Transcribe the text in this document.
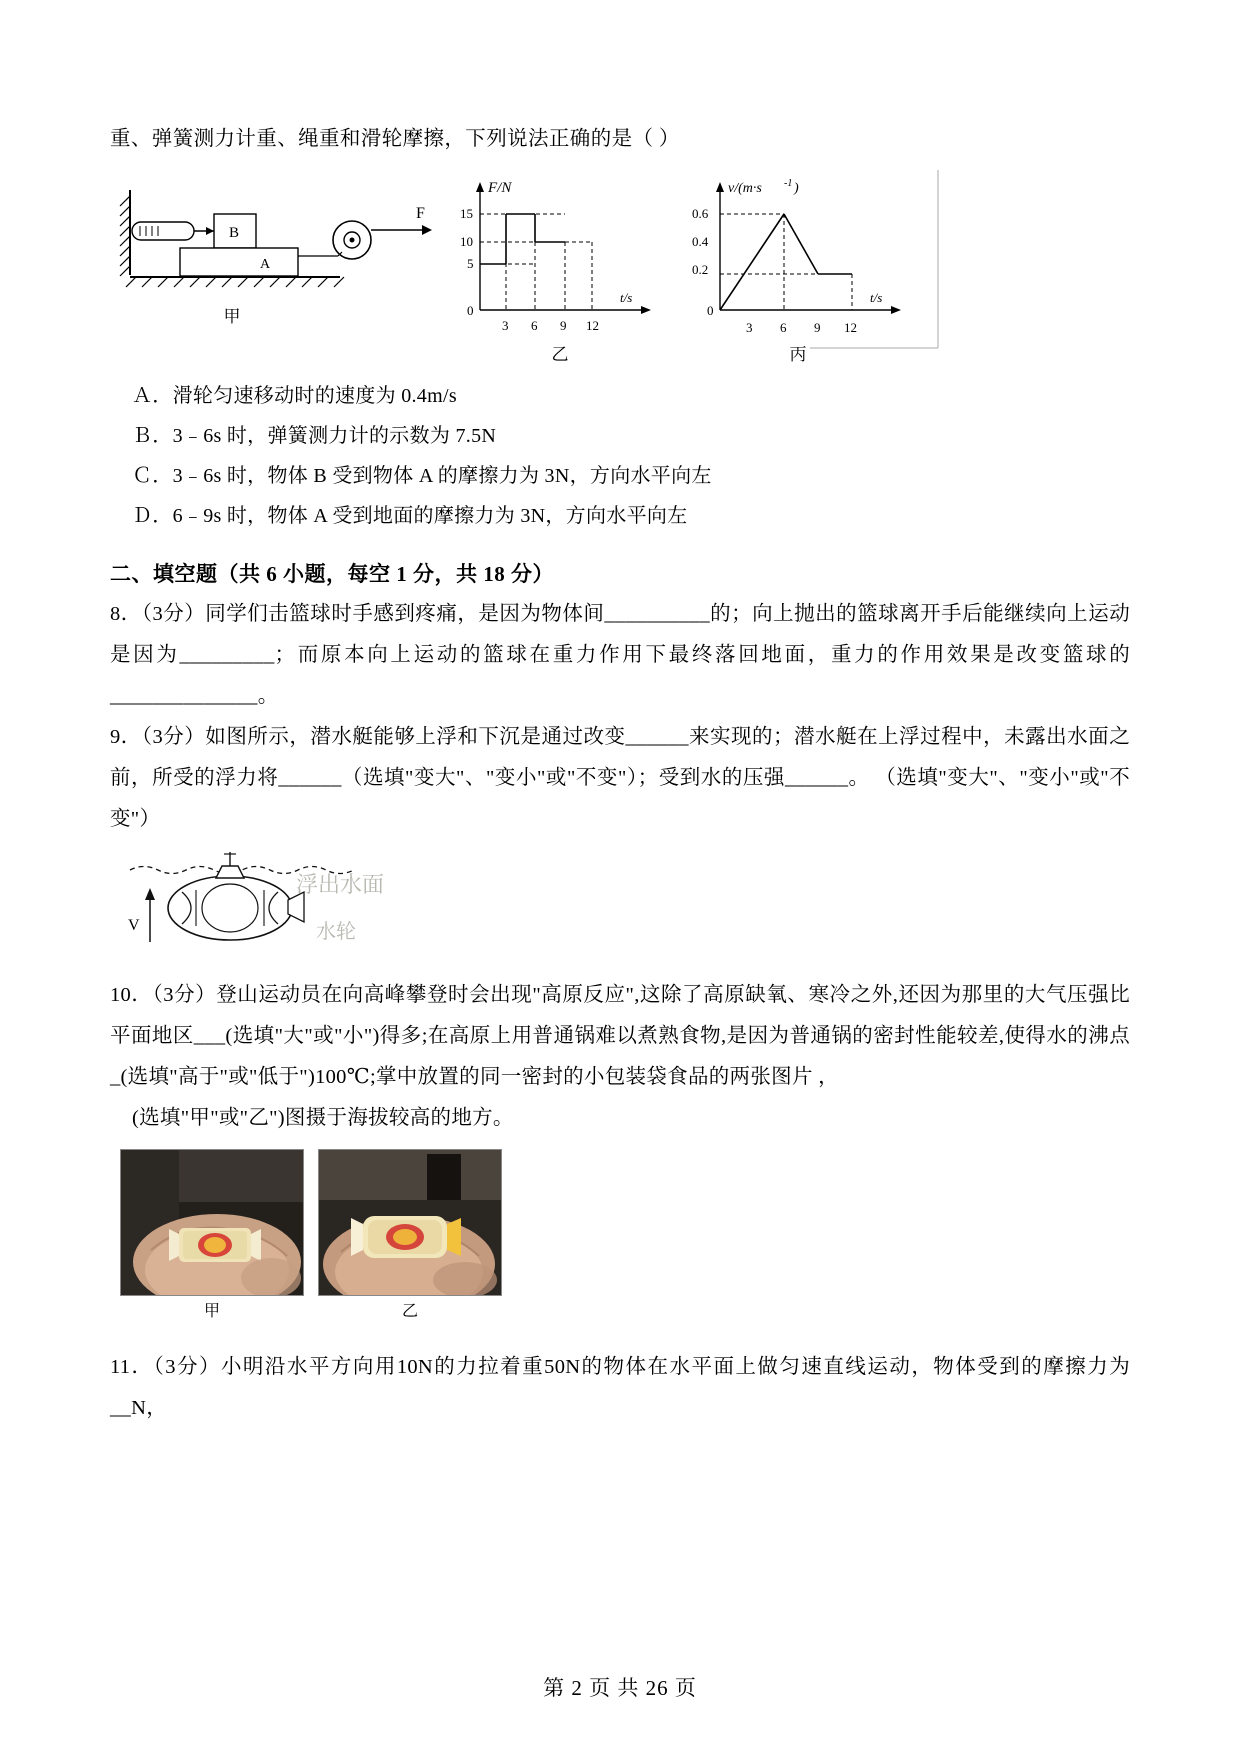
重、弹簧测力计重、绳重和滑轮摩擦，下列说法正确的是（ ）
B
A
F
甲
F/N
t/s
15
10
5
0
3 6 9 12
乙
v/(m·s -1 )
t/s
0.6
0.4
0.2
0
3 6 9 12
丙
Ａ．滑轮匀速移动时的速度为 0.4m/s
Ｂ．3﹣6s 时，弹簧测力计的示数为 7.5N
Ｃ．3﹣6s 时，物体 B 受到物体 A 的摩擦力为 3N，方向水平向左
Ｄ．6﹣9s 时，物体 A 受到地面的摩擦力为 3N，方向水平向左
二、填空题（共 6 小题，每空 1 分，共 18 分）
8．（3分）同学们击篮球时手感到疼痛，是因为物体间__________的；向上抛出的篮球离开手后能继续向上运动是因为_________；而原本向上运动的篮球在重力作用下最终落回地面，重力的作用效果是改变篮球的______________。
9．（3分）如图所示，潜水艇能够上浮和下沉是通过改变______来实现的；潜水艇在上浮过程中，未露出水面之前，所受的浮力将______（选填"变大"、"变小"或"不变"）；受到水的压强______。 （选填"变大"、"变小"或"不变"）
V
浮出水面
水轮
10．（3分）登山运动员在向高峰攀登时会出现"高原反应",这除了高原缺氧、寒冷之外,还因为那里的大气压强比平面地区___(选填"大"或"小")得多;在高原上用普通锅难以煮熟食物,是因为普通锅的密封性能较差,使得水的沸点_(选填"高于"或"低于")100℃;掌中放置的同一密封的小包装袋食品的两张图片 ，
(选填"甲"或"乙")图摄于海拔较高的地方。
甲	乙
11．（3分）小明沿水平方向用10N的力拉着重50N的物体在水平面上做匀速直线运动，物体受到的摩擦力为__N，
第 2 页 共 26 页
